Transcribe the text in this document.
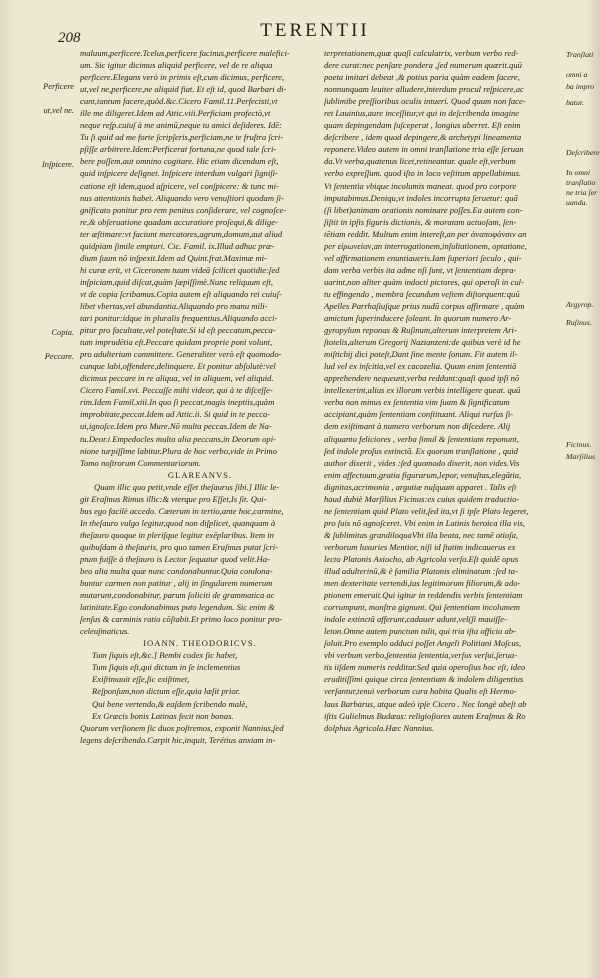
208	TERENTII
maluum,perficere.Tcelus,perficere facinus,perficere malefici-
um. Sic igitur dicimus aliquid perficere, vel de re aliqua
perficere.Elegans verò in primis eſt,cum dicimus, perficere,
ut,vel ne,perficere,ne aliquid fiat. Et eſt id, quod Barbari di-
cunt,tantum facere,quòd.&c.Cicero Famil.11.Perfecisti,vt
ille me diligeret.Idem ad Attic.viii.Perficiam profectò,vt
neque reſp.cuiuſ à me animū,neque tu amici deſideres. Idē:
Tu ſi quid ad me forte ſcripſeris,perficiam,ne te fruſtra ſcri-
pſiſſe arbitrere.Idem:Perficerat fortuna,ne quod tale ſcri-
bere poſſem,aut omnino cogitare. Hic etiam dicendum eſt,
quid inſpicere deſignet. Inſpicere interdum vulgari ſigniſi-
catione eſt idem,quod aſpicere, vel conſpicere: & tunc mi-
nus attentionis habet. Aliquando vero venuſtiori quodam ſi-
gnificato ponitur pro rem penitus conſiderare, vel cognoſce-
re,& obſeruatione quadam accuratiore proſequi,& dilige-
ter æſtimare:vt faciunt mercatores,agrum,domum,aut aliud
quidpiam ſimile empturi. Cic. Famil. ix.Illud adhuc præ-
dium ſuum nō inſpexit.Idem ad Quint.frat.Maximæ mi-
hi curæ erit, vt Ciceronem tuum videā ſcilicet quotidie:ſed
inſpiciam,quid diſcat,quàm ſæpiſſimè.Nunc reliquum eſt,
vt de copia ſcribamus.Copia autem eſt aliquando rei cuiuſ-
libet vbertas,vel abundantia.Aliquando pro manu mili-
tari ponitur:idque in pluralis frequentius.Aliquando acci-
pitur pro facultate,vel poteſtate.Si id eſt peccatum,pecca-
tum imprudētia eſt.Peccare quidam proprie poni volunt,
pro adulterium committere. Generaliter verò eſt quomodo-
cunque labi,offendere,delinquere. Et ponitur abſolutè:vel
dicimus peccare in re aliqua, vel in aliquem, vel aliquid.
Cicero Famil.xvi. Peccaſſe mihi videor, qui à te diſceſſe-
rim.Idem Famil.xiii.In quo ſi peccat,magis ineptiis,quàm
improbitate,peccat.Idem ad Attic.ii. Si quid in te pecca-
ui,ignoſce.Idem pro Mure.Nō multa peccas.Idem de Na-
tu.Deor.i Empedocles multa alia peccans,in Deorum opi-
nione turpiſſime labitur.Plura de hoc verbo,vide in Primo
Tomo noſtrorum Commentariorum.
GLAREANVS.
Quam illic quo petit,vnde eſſet theſaurus ſibi.] Illic le-
git Eraſmus Rimus illic:& vterque pro Eſſet,Is ſit. Qui-
bus ego facilè accedo. Cæterum in tertio,ante hoc,carmine,
In theſauro vulgo legitur,quod non diſplicet, quanquam à
theſauro quoque in pleriſque legitur exēplaribus. Item in
quibuſdam à theſauris, pro quo tamen Eraſmus putat ſcri-
ptum fuiſſe à theſauro is Lector ſequatur quod velit.Ha-
beo alia multa quæ nunc condonabuntur.Quia condona-
buntur carmen non patitur , alij in ſingularem numerum
mutarunt,condonabitur, parum ſoliciti de grammatica ac
latinitate.Ego condonabimus puto legendum. Sic enim &
ſenſus & carminis ratio cōſtabit.Et primo loco ponitur pro-
celeuſmaticus.
IOANN. THEODORICVS.
Tum ſiquis eſt,&c.] Bembi codex ſic habet,
Tum ſiquis eſt,qui dictum in ſe inclementius
Exiſtimauit eſſe,ſic exiſtimet,
Reſponſum,non dictum eſſe,quia læſit prior.
Qui bene vertendo,& eaſdem ſcribendo malè,
Ex Græcis bonis Latinas fecit non bonas.
Quorum verſionem ſic duos poſtremos, exponit Nannius,ſed
legens deſcribendo.Carpit hic,inquit, Terétius anxiam in-
terpretationem,quæ quaſi calculatrix, verbum verbo red-
dere curat:nec penſare pondera ,ſed numerum quærit.quū
poeta imitari debeat ,& potius paria quàm eadem facere,
nonnunquam leuiter alludere,interdum procul reſpicere,ac
ſublimibe preſſioribus oculis intueri. Quod quum non face-
ret Lauinius,aure inceſſitur,vt qui in deſcribenda imagine
quam depingendam ſuſceperat , longius aberret. Eſt enim
deſcribere , idem quod depingere,& archetypi lineamenta
reponere.Video autem in omni tranſlatione tria eſſe ſeruan
da.Vt verba,quatenus licet,retineantur. quale eſt,verbum
verbo expreſſum. quod iſto in loco veſtitum appellabimus.
Vt ſententia vbique incolumis maneat. quod pro corpore
imputabimus.Deniqu,vt indoles incorrupta ſeruetur: quā
(ſi libet)animam orationis nominare poſſes.Ea autem con-
ſiſtit in ipſis figuris dictionis, & moratam actuoſam, ſen-
tētiam reddit. Multum enim intereſt,an per ἀναποφάνσιν an
per εἰρωνείαν,an interrogationem,inſultationem, optatione,
vel affirmationem enuntiaueris.Iam ſuperiori ſeculo , qui-
dam verba verbis ita adme nſi ſunt, vt ſententiam depra-
uarint,non aliter quàm indocti pictores, qui operoſi in cul-
tu effingendo , membra ſecundum veſtem diſtorquent:quū
Apelles Parrhaſiuſque prius nudū corpus affirmare , quàm
amictum ſuperinducere ſoleant. In quorum numero Ar-
gyropylum reponas & Ruſinum,alterum interpretem Ari-
ſtotelis,alterum Gregorij Nazianzeni:de quibus verè id he
miſticbij dici poteſt,Dant ſine mente ſonum. Fit autem il-
lud vel ex inſcitia,vel ex cacozelia. Quum enim ſententiā
apprehendere nequeunt,verba reddunt:quaſi quod ipſi nō
intellexerint,alius ex illorum verbis intelligere queat. quū
verba non minus ex ſententia vim ſuam & ſignificatum
accipiant,quàm ſententiam conſtituant. Aliqui rurſus ſi-
dem exiſtimant à numero verborum non diſcedere. Alij
aliquanto feliciores , verba ſimul & ſententiam reponunt,
ſed indole proſus extinctā. Ex quorum tranſlatione , quid
author dixerit , vides :ſed quomodo dixerit, non vides.Vis
enim affectuum,gratia figurarum,lepor, venuſtas,elegātia,
dignitas,acrimonia , argutiæ nuſquam apparet . Talis eſt
haud dubiè Marſilius Ficinus:ex cuius quidem traductio-
ne ſententiam quid Plato velit,ſed ita,vt ſi ipſe Plato legeret,
pro ſuis nō agnoſceret. Vbi enim in Latinis heroica illa vis,
& ſublimitas grandiloquaVbi illa beata, nec tamē otioſa,
verborum luxuries Mentior, niſi id ſtatim indicauerus ex
lecto Platonis Axiocho, ab Agricola verſo.Eſt quidē opus
illud adulterinū,& è familia Platonis eliminatum :ſed ta-
men dexteritate vertendi,ius legitimorum filiorum,& ado-
ptionem emeruit.Qui igitur in reddendis verbis ſententiam
corrumpunt, monſtra gignunt. Qui ſententiam incolumem
indole extinctā afferunt,cadauer adunt,vel(ſi mauiſſe-
leton.Omne autem punctum tulit, qui tria iſta officia ab-
ſoluit.Pro exemplo adduci poſſet Angeli Politiani Moſcus,
vbi verbum verbo,ſententia ſententia,verſus verſui,ſerua-
tis iiſdem numeris redditur.Sed quia operoſius hoc eſt, ideo
eruditiſſimi quique circa ſententiam & indolem diligentius
verſantur,tenui verborum cura habita Qualis eſt Hermo-
laus Barbarus, atque adeò ipſe Cicero . Nec longè abeſt ab
iſtis Gulielmus Budæus: religioſiores autem Eraſmus & Ro
dolphus Agricola.Hæc Nannius.
Perficere
ut,vel ne.
Inſpicere.
Copia.
Peccare.
Tranſlati
omni a
ba impro
batur.
Deſcribere
In omni
tranſlatio
ne tria ſer
uanda.
Argyrop.
Ruſinus.
Ficinus.
Marſilius
